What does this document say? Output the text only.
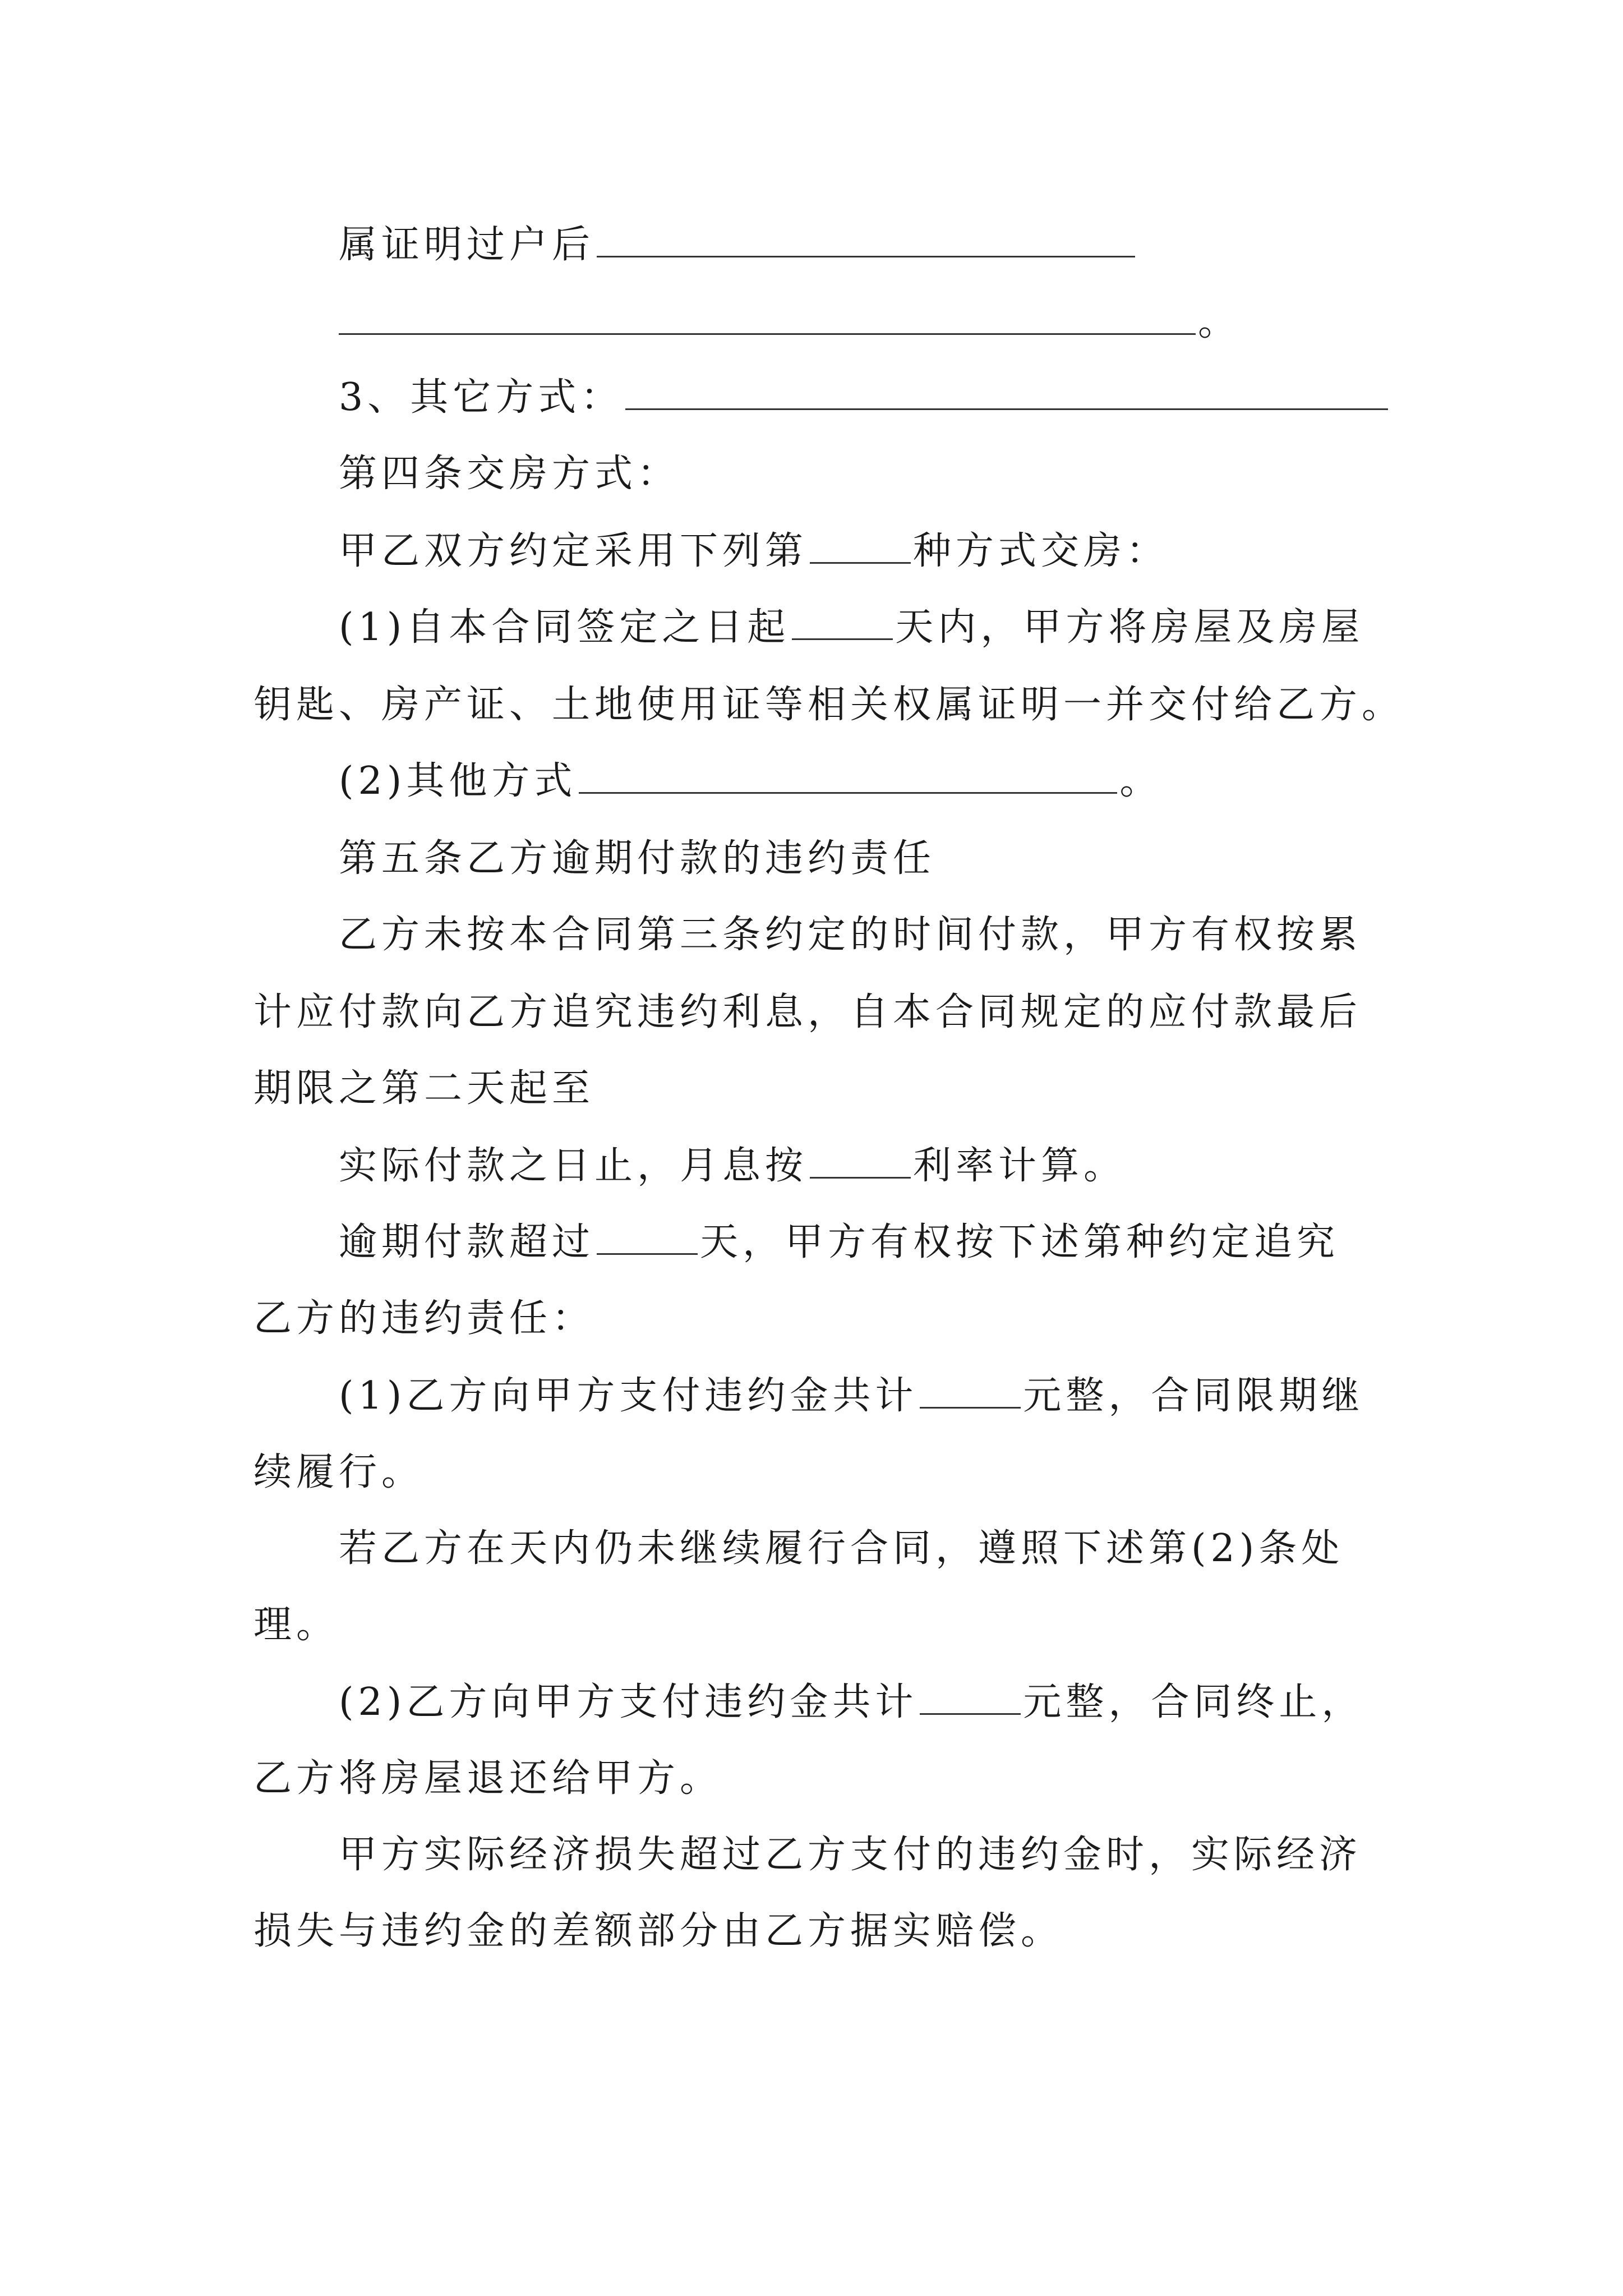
属证明过户后
。
3、其它方式：
第四条交房方式：
甲乙双方约定采用下列第	种方式交房：
(1)自本合同签定之日起	天内，甲方将房屋及房屋
钥匙、房产证、土地使用证等相关权属证明一并交付给乙方。
(2)其他方式	。
第五条乙方逾期付款的违约责任
乙方未按本合同第三条约定的时间付款，甲方有权按累
计应付款向乙方追究违约利息，自本合同规定的应付款最后
期限之第二天起至
实际付款之日止，月息按	利率计算。
逾期付款超过	天，甲方有权按下述第种约定追究
乙方的违约责任：
(1)乙方向甲方支付违约金共计	元整，合同限期继
续履行。
若乙方在天内仍未继续履行合同，遵照下述第(2)条处
理。
(2)乙方向甲方支付违约金共计	元整，合同终止，
乙方将房屋退还给甲方。
甲方实际经济损失超过乙方支付的违约金时，实际经济
损失与违约金的差额部分由乙方据实赔偿。
